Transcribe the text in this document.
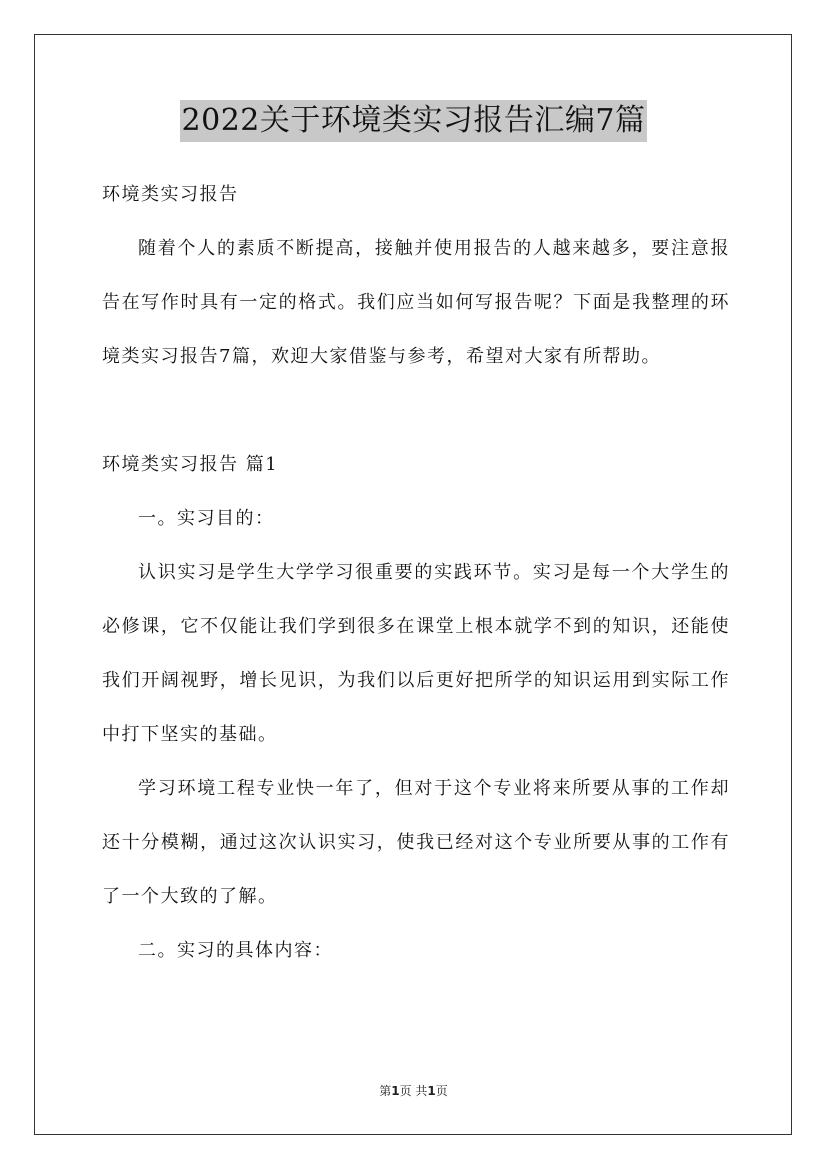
2022关于环境类实习报告汇编7篇

环境类实习报告

随着个人的素质不断提高，接触并使用报告的人越来越多，要注意报告在写作时具有一定的格式。我们应当如何写报告呢？下面是我整理的环境类实习报告7篇，欢迎大家借鉴与参考，希望对大家有所帮助。

环境类实习报告 篇1

一。实习目的：

认识实习是学生大学学习很重要的实践环节。实习是每一个大学生的必修课，它不仅能让我们学到很多在课堂上根本就学不到的知识，还能使我们开阔视野，增长见识，为我们以后更好把所学的知识运用到实际工作中打下坚实的基础。

学习环境工程专业快一年了，但对于这个专业将来所要从事的工作却还十分模糊，通过这次认识实习，使我已经对这个专业所要从事的工作有了一个大致的了解。

二。实习的具体内容：

第1页 共1页
